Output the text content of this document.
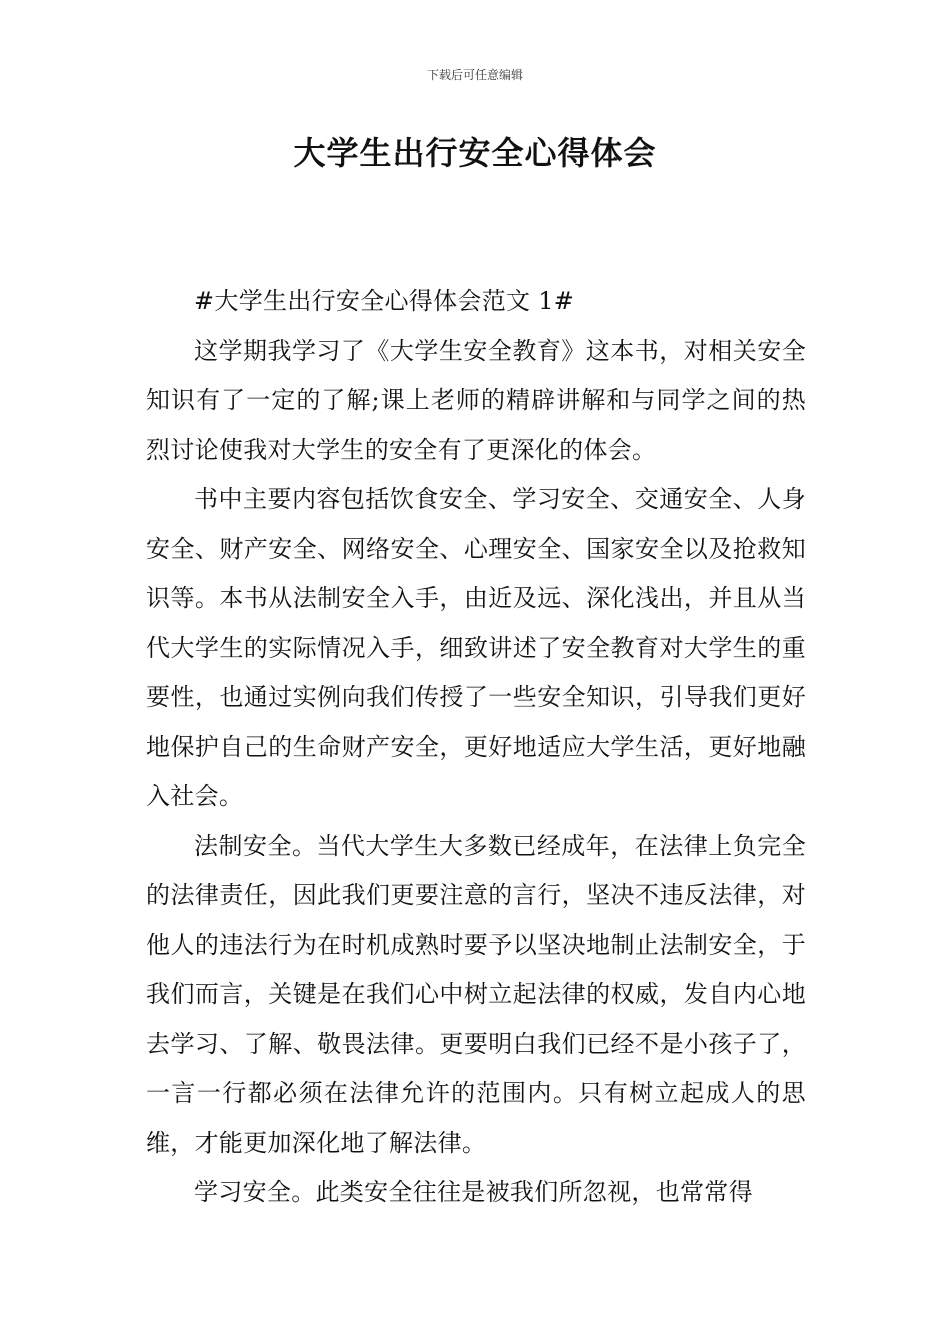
下载后可任意编辑
大学生出行安全心得体会

#大学生出行安全心得体会范文 1#

这学期我学习了《大学生安全教育》这本书，对相关安全知识有了一定的了解;课上老师的精辟讲解和与同学之间的热烈讨论使我对大学生的安全有了更深化的体会。

书中主要内容包括饮食安全、学习安全、交通安全、人身安全、财产安全、网络安全、心理安全、国家安全以及抢救知识等。本书从法制安全入手，由近及远、深化浅出，并且从当代大学生的实际情况入手，细致讲述了安全教育对大学生的重要性，也通过实例向我们传授了一些安全知识，引导我们更好地保护自己的生命财产安全，更好地适应大学生活，更好地融入社会。

法制安全。当代大学生大多数已经成年，在法律上负完全的法律责任，因此我们更要注意的言行，坚决不违反法律，对他人的违法行为在时机成熟时要予以坚决地制止法制安全，于我们而言，关键是在我们心中树立起法律的权威，发自内心地去学习、了解、敬畏法律。更要明白我们已经不是小孩子了，一言一行都必须在法律允许的范围内。只有树立起成人的思维，才能更加深化地了解法律。

学习安全。此类安全往往是被我们所忽视，也常常得
